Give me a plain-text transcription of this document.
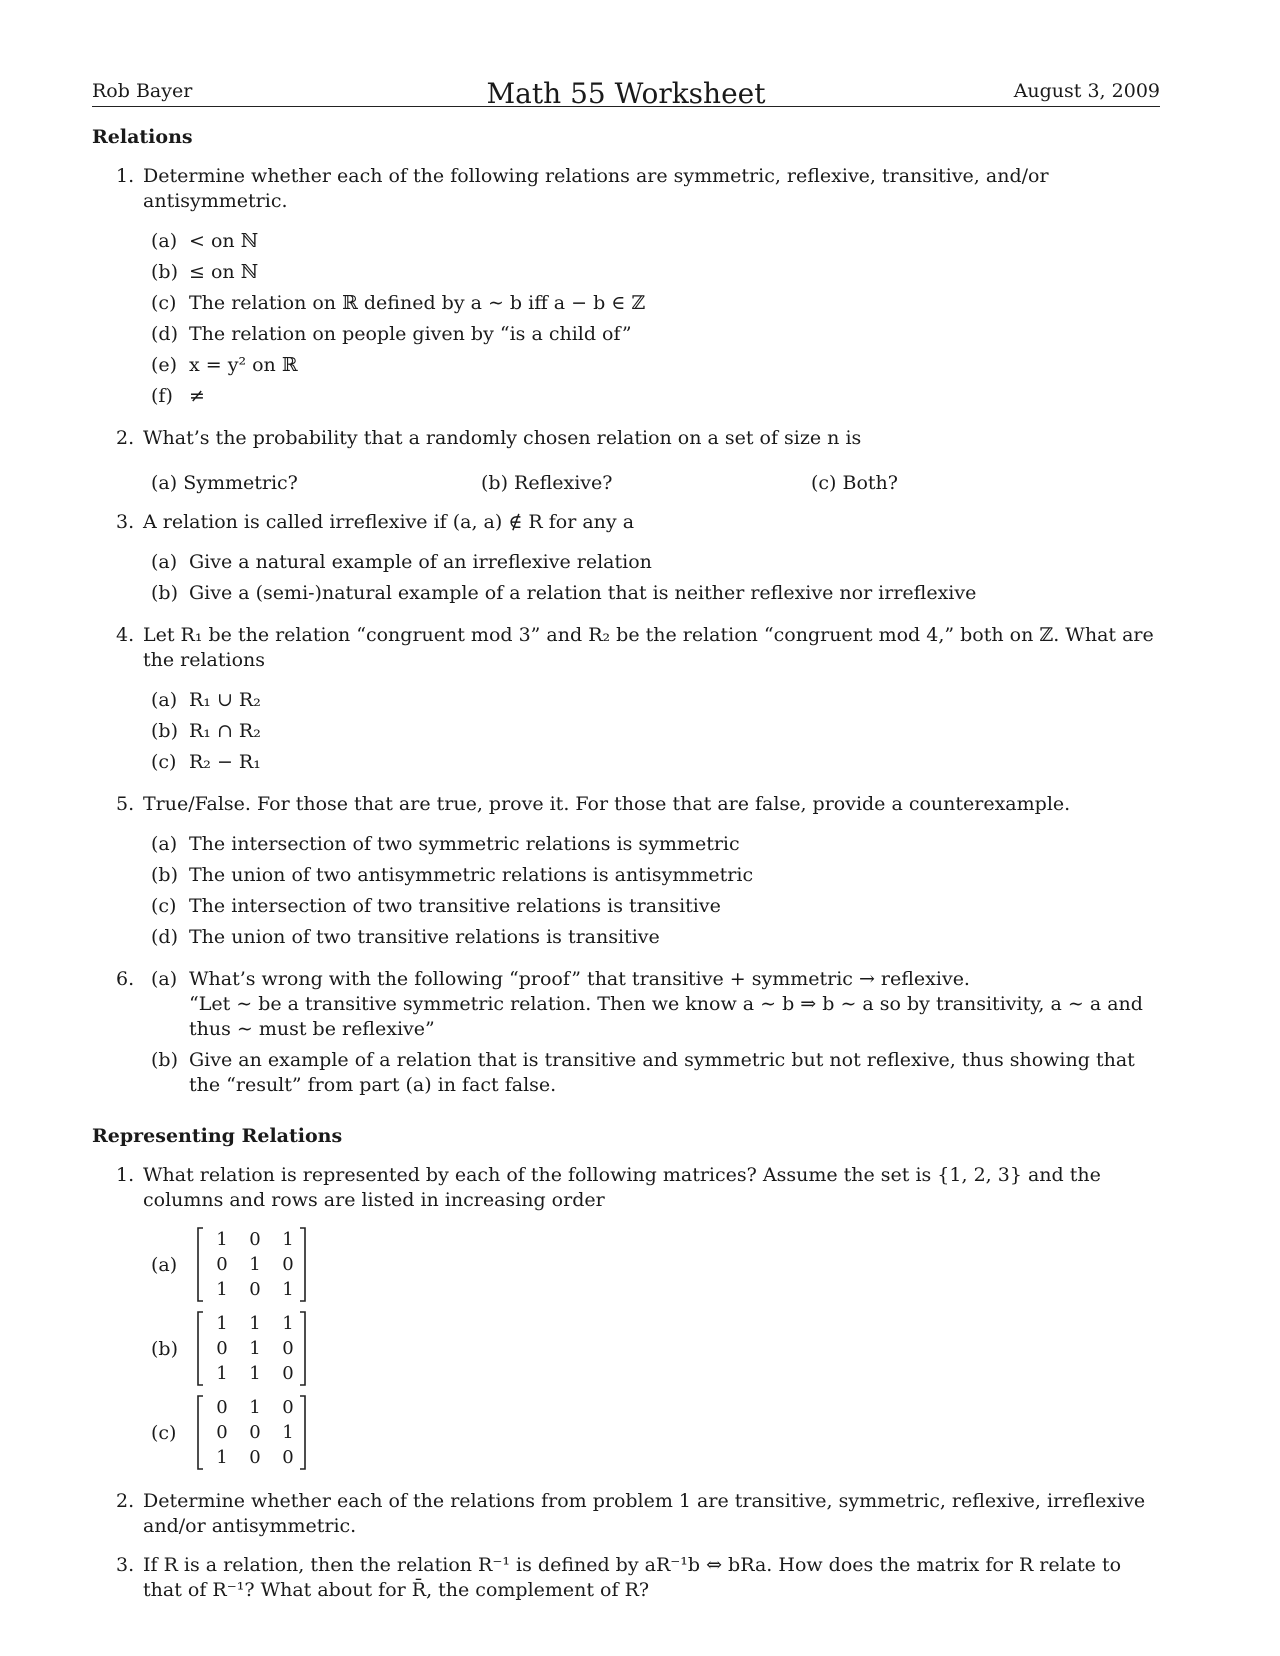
Rob Bayer	Math 55 Worksheet	August 3, 2009
Relations
1. Determine whether each of the following relations are symmetric, reflexive, transitive, and/or antisymmetric.
(a) < on ℕ
(b) ≤ on ℕ
(c) The relation on ℝ defined by a ∼ b iff a − b ∈ ℤ
(d) The relation on people given by “is a child of”
(e) x = y² on ℝ
(f) ≠
2. What’s the probability that a randomly chosen relation on a set of size n is
(a) Symmetric?	(b) Reflexive?	(c) Both?
3. A relation is called irreflexive if (a, a) ∉ R for any a
(a) Give a natural example of an irreflexive relation
(b) Give a (semi-)natural example of a relation that is neither reflexive nor irreflexive
4. Let R₁ be the relation “congruent mod 3” and R₂ be the relation “congruent mod 4,” both on ℤ. What are the relations
(a) R₁ ∪ R₂
(b) R₁ ∩ R₂
(c) R₂ − R₁
5. True/False. For those that are true, prove it. For those that are false, provide a counterexample.
(a) The intersection of two symmetric relations is symmetric
(b) The union of two antisymmetric relations is antisymmetric
(c) The intersection of two transitive relations is transitive
(d) The union of two transitive relations is transitive
6. (a) What’s wrong with the following “proof” that transitive + symmetric → reflexive.
“Let ∼ be a transitive symmetric relation. Then we know a ∼ b ⇒ b ∼ a so by transitivity, a ∼ a and thus ∼ must be reflexive”
(b) Give an example of a relation that is transitive and symmetric but not reflexive, thus showing that the “result” from part (a) in fact false.
Representing Relations
1. What relation is represented by each of the following matrices? Assume the set is {1, 2, 3} and the columns and rows are listed in increasing order
(a)
1	0	1
0	1	0
1	0	1
(b)
1	1	1
0	1	0
1	1	0
(c)
0	1	0
0	0	1
1	0	0
2. Determine whether each of the relations from problem 1 are transitive, symmetric, reflexive, irreflexive and/or antisymmetric.
3. If R is a relation, then the relation R⁻¹ is defined by aR⁻¹b ⇔ bRa. How does the matrix for R relate to that of R⁻¹? What about for R̄, the complement of R?
